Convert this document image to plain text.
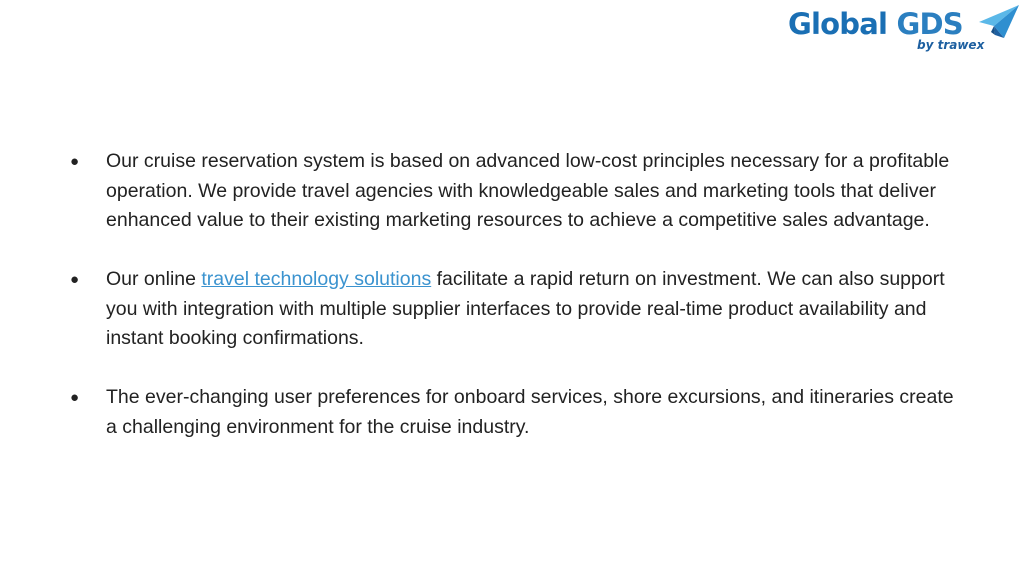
Global GDS
by trawex
● Our cruise reservation system is based on advanced low-cost principles necessary for a profitable operation. We provide travel agencies with knowledgeable sales and marketing tools that deliver enhanced value to their existing marketing resources to achieve a competitive sales advantage.
● Our online travel technology solutions facilitate a rapid return on investment. We can also support you with integration with multiple supplier interfaces to provide real-time product availability and instant booking confirmations.
● The ever-changing user preferences for onboard services, shore excursions, and itineraries create a challenging environment for the cruise industry.
